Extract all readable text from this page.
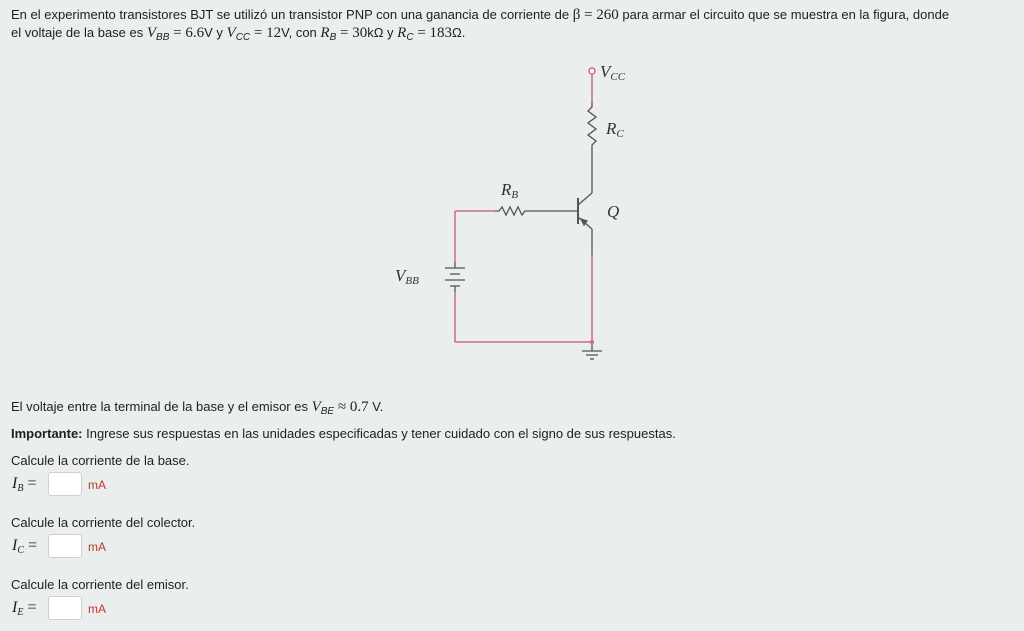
En el experimento transistores BJT se utilizó un transistor PNP con una ganancia de corriente de β = 260 para armar el circuito que se muestra en la figura, donde
el voltaje de la base es $V_{BB} = 6.6V$ y $V_{CC} = 12V$, con $R_B = 30k\Omega$ y $R_C = 183\Omega$.
VCC
RC
RB
Q
VBB
El voltaje entre la terminal de la base y el emisor es $V_{BE} \approx 0.7$ V.
Importante: Ingrese sus respuestas en las unidades especificadas y tener cuidado con el signo de sus respuestas.
Calcule la corriente de la base.
$I_B$ =	mA
Calcule la corriente del colector.
$I_C$ =	mA
Calcule la corriente del emisor.
$I_E$ =	mA
